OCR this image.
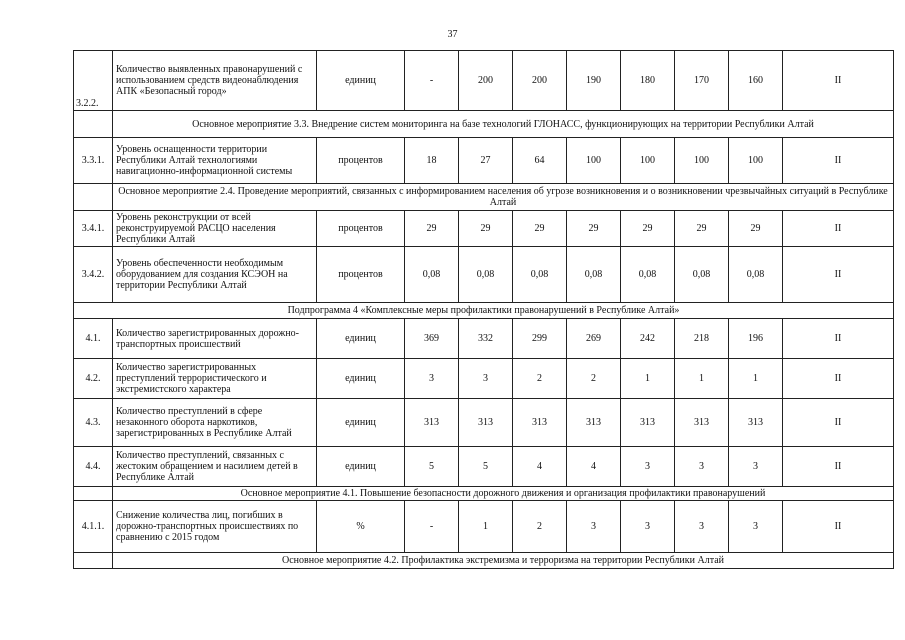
37
3.2.2.	Количество выявленных правонарушений с использованием средств видеонаблюдения АПК «Безопасный город»	единиц	-	200	200	190	180	170	160	II
	Основное мероприятие 3.3. Внедрение систем мониторинга на базе технологий ГЛОНАСС, функционирующих на территории Республики Алтай									
3.3.1.	Уровень оснащенности территории Республики Алтай технологиями навигационно-информационной системы	процентов	18	27	64	100	100	100	100	II
	Основное мероприятие 2.4. Проведение мероприятий, связанных с информированием населения об угрозе возникновения и о возникновении чрезвычайных ситуаций в Республике Алтай									
3.4.1.	Уровень реконструкции от всей реконструируемой РАСЦО населения Республики Алтай	процентов	29	29	29	29	29	29	29	II
3.4.2.	Уровень обеспеченности необходимым оборудованием для создания КСЭОН на территории Республики Алтай	процентов	0,08	0,08	0,08	0,08	0,08	0,08	0,08	II
Подпрограмма 4 «Комплексные меры профилактики правонарушений в Республике Алтай»										
4.1.	Количество зарегистрированных дорожно-транспортных происшествий	единиц	369	332	299	269	242	218	196	II
4.2.	Количество зарегистрированных преступлений террористического и экстремистского характера	единиц	3	3	2	2	1	1	1	II
4.3.	Количество преступлений в сфере незаконного оборота наркотиков, зарегистрированных в Республике Алтай	единиц	313	313	313	313	313	313	313	II
4.4.	Количество преступлений, связанных с жестоким обращением и насилием детей в Республике Алтай	единиц	5	5	4	4	3	3	3	II
	Основное мероприятие 4.1. Повышение безопасности дорожного движения и организация профилактики правонарушений									
4.1.1.	Снижение количества лиц, погибших в дорожно-транспортных происшествиях по сравнению с 2015 годом	%	-	1	2	3	3	3	3	II
	Основное мероприятие 4.2. Профилактика экстремизма и терроризма на территории Республики Алтай									
